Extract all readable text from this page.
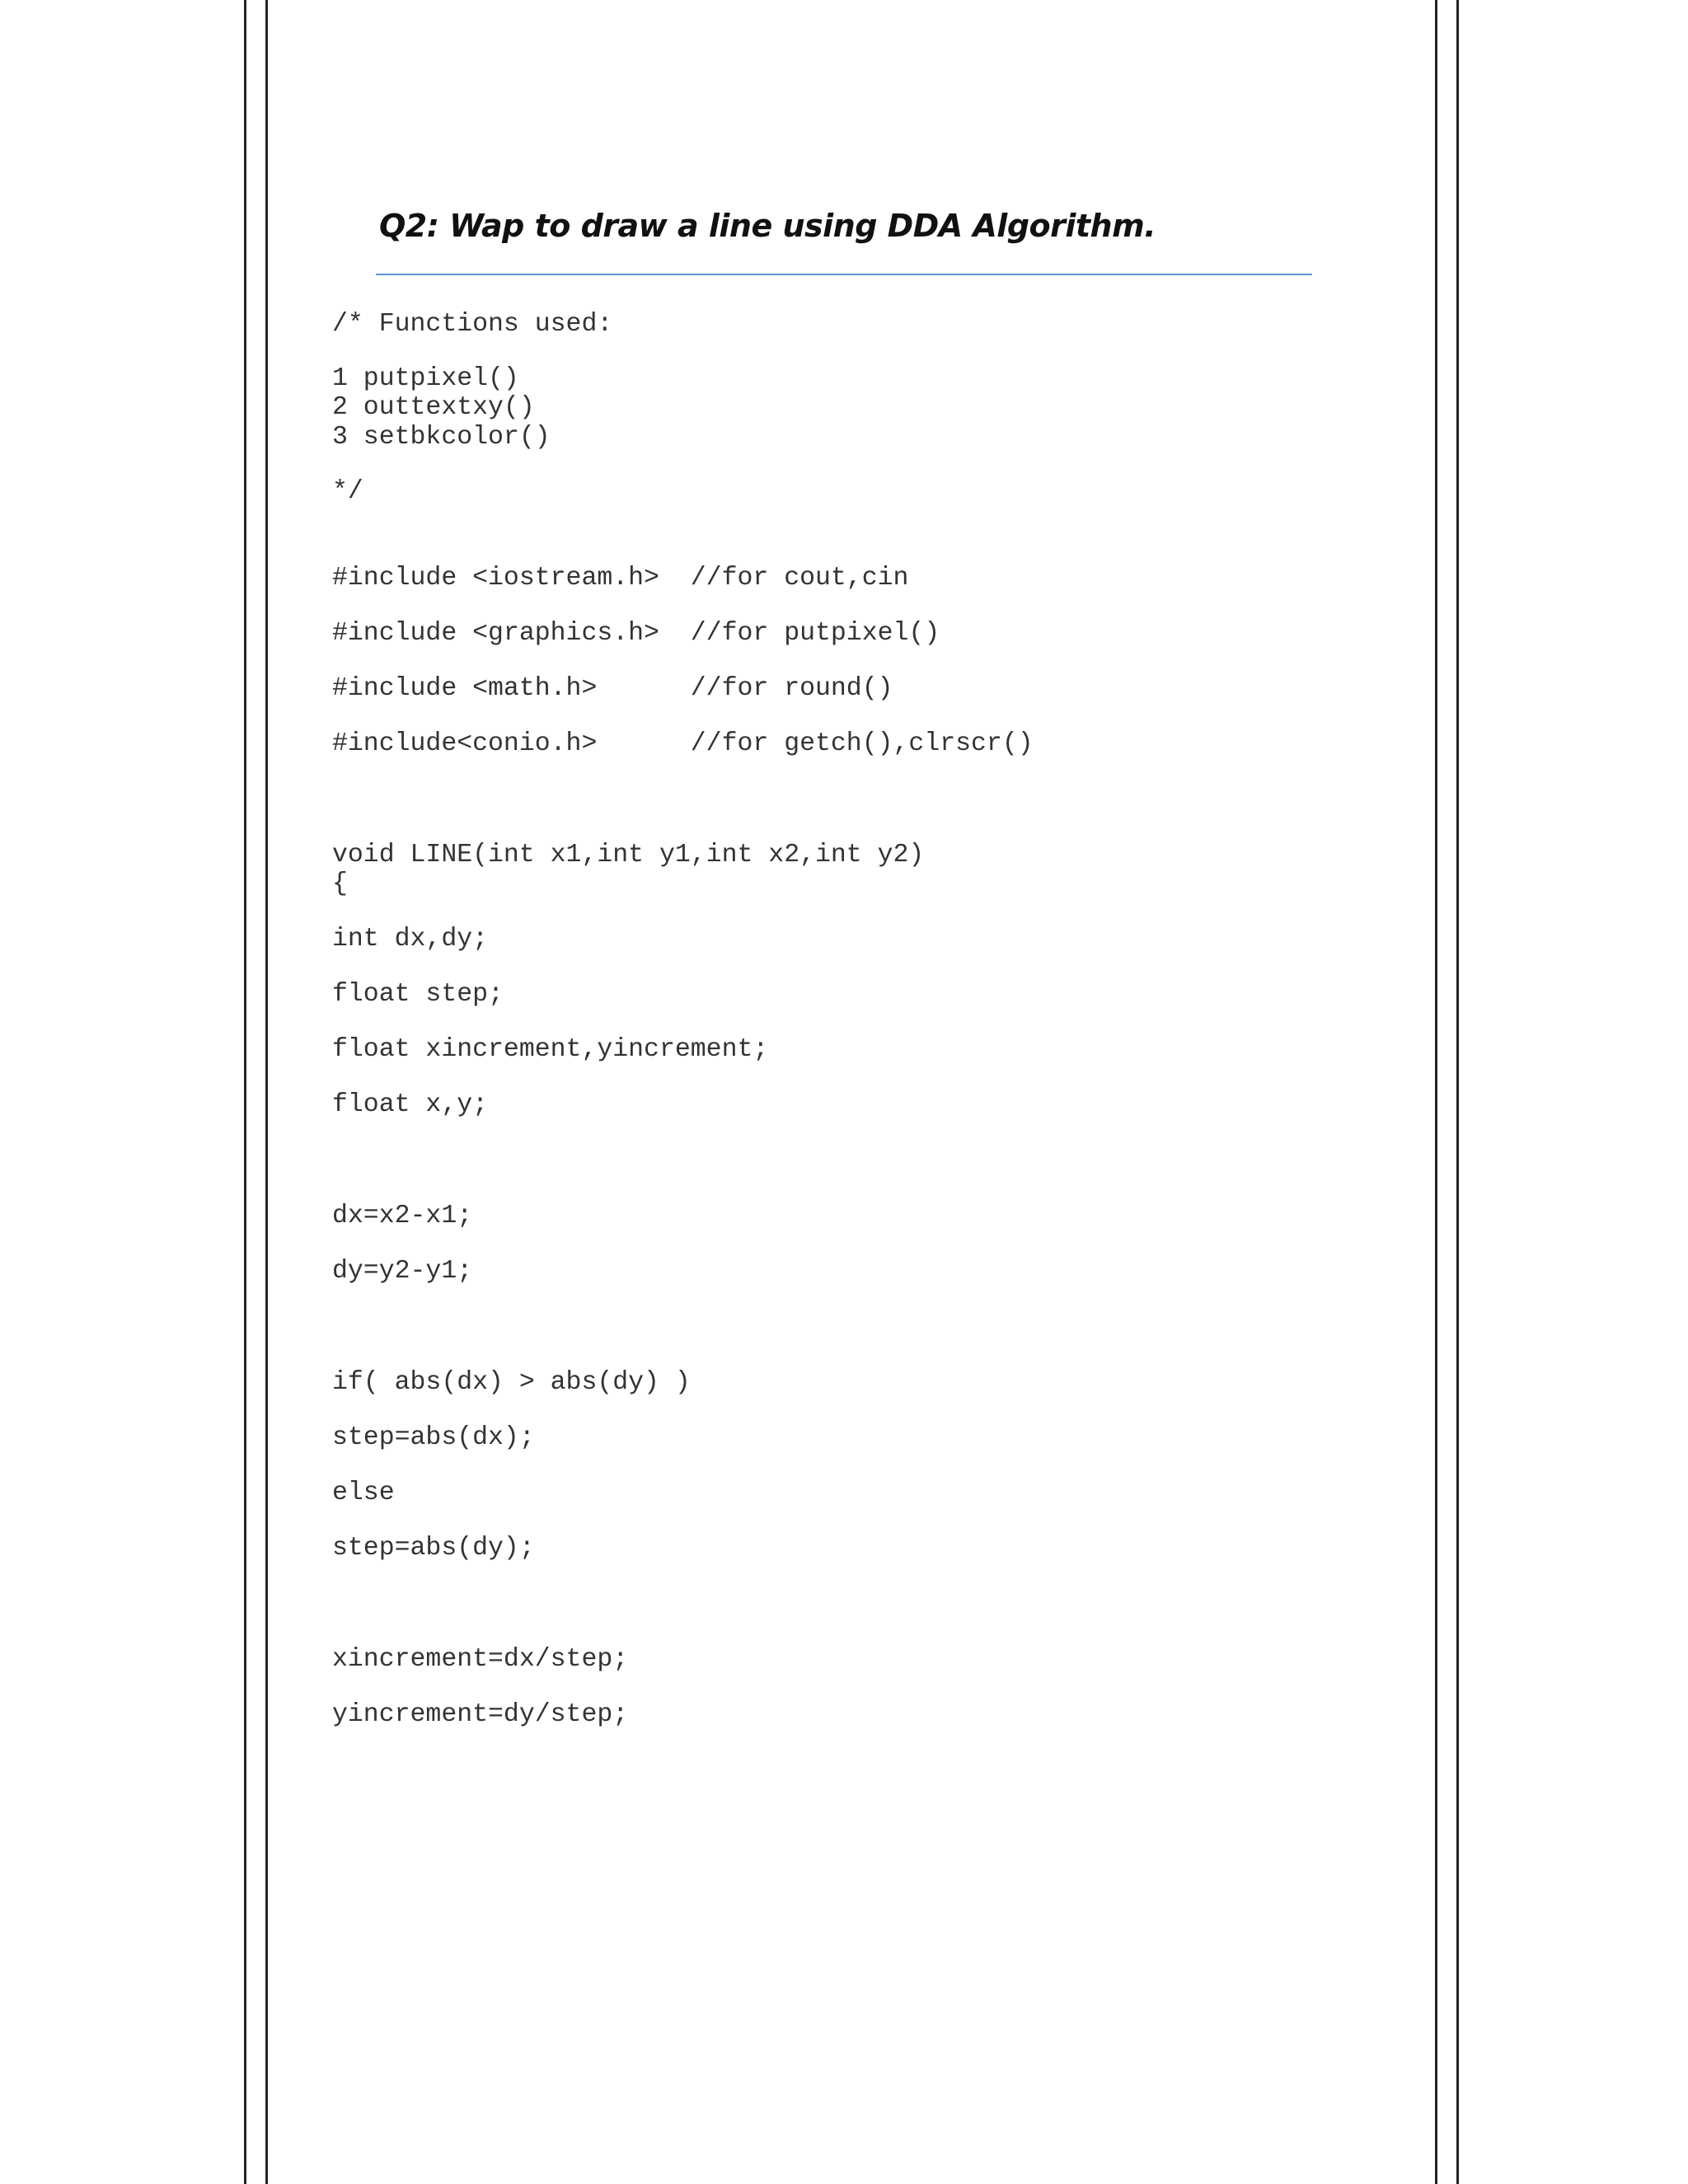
Q2: Wap to draw a line using DDA Algorithm.

/* Functions used:

1 putpixel()

2 outtextxy()

3 setbkcolor()

*/

#include <iostream.h>  //for cout,cin

#include <graphics.h>  //for putpixel()

#include <math.h>      //for round()

#include<conio.h>      //for getch(),clrscr()

void LINE(int x1,int y1,int x2,int y2)

{

int dx,dy;

float step;

float xincrement,yincrement;

float x,y;

dx=x2-x1;

dy=y2-y1;

if( abs(dx) > abs(dy) )

step=abs(dx);

else

step=abs(dy);

xincrement=dx/step;

yincrement=dy/step;
